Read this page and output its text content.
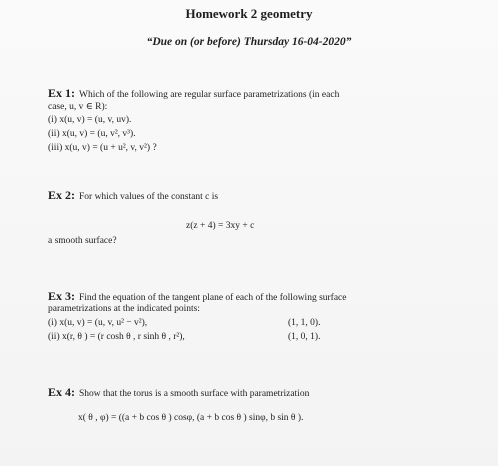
Homework 2 geometry
“Due on (or before) Thursday 16-04-2020”
Ex 1: Which of the following are regular surface parametrizations (in each
case, u, v ∈ R):
(i) x(u, v) = (u, v, uv).
(ii) x(u, v) = (u, v², v³).
(iii) x(u, v) = (u + u², v, v²) ?
Ex 2: For which values of the constant c is
z(z + 4) = 3xy + c
a smooth surface?
Ex 3: Find the equation of the tangent plane of each of the following surface
parametrizations at the indicated points:
(i) x(u, v) = (u, v, u² − v²),	(1, 1, 0).
(ii) x(r, θ ) = (r cosh θ , r sinh θ , r²),	(1, 0, 1).
Ex 4: Show that the torus is a smooth surface with parametrization
x( θ , φ) = ((a + b cos θ ) cosφ, (a + b cos θ ) sinφ, b sin θ ).
